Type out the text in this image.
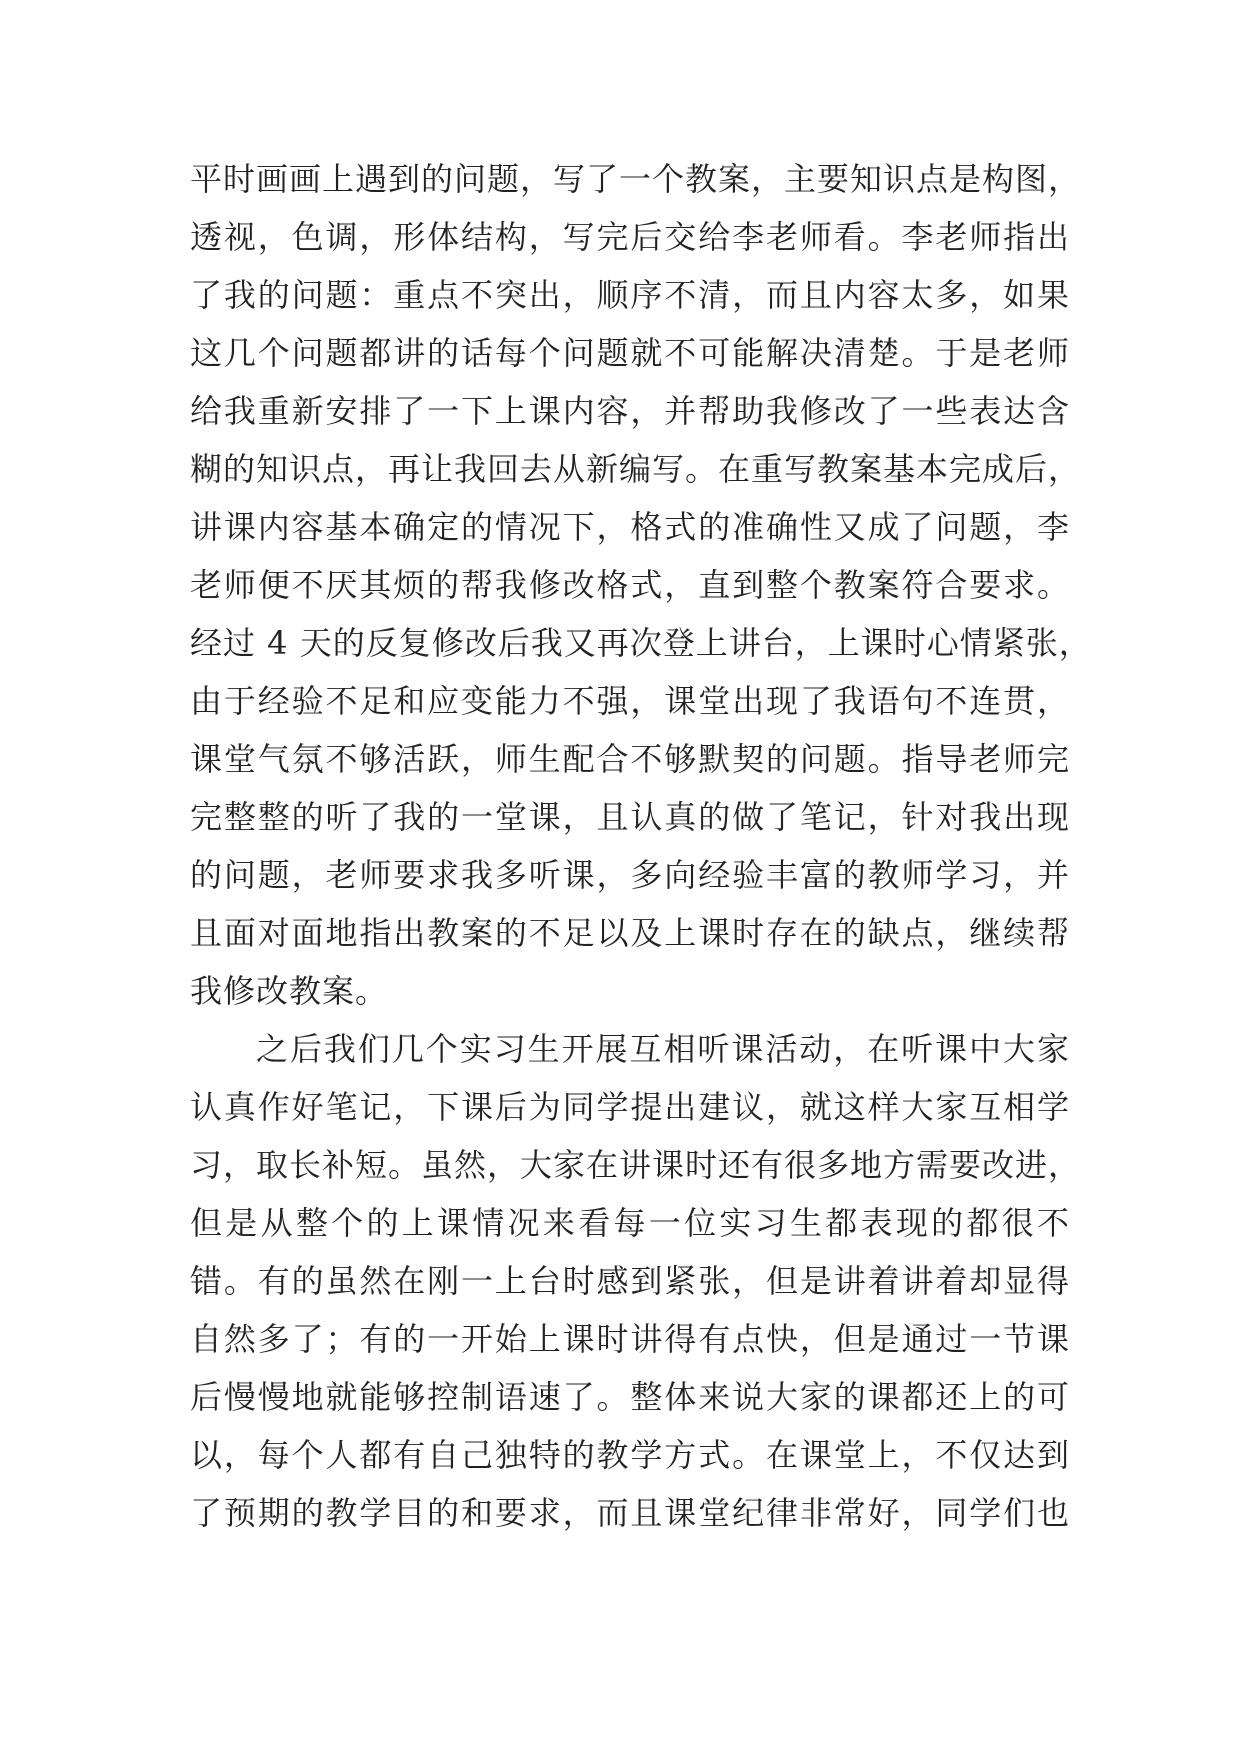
平时画画上遇到的问题，写了一个教案，主要知识点是构图，
透视，色调，形体结构，写完后交给李老师看。李老师指出
了我的问题：重点不突出，顺序不清，而且内容太多，如果
这几个问题都讲的话每个问题就不可能解决清楚。于是老师
给我重新安排了一下上课内容，并帮助我修改了一些表达含
糊的知识点，再让我回去从新编写。在重写教案基本完成后，
讲课内容基本确定的情况下，格式的准确性又成了问题，李
老师便不厌其烦的帮我修改格式，直到整个教案符合要求。
经过 4 天的反复修改后我又再次登上讲台，上课时心情紧张，
由于经验不足和应变能力不强，课堂出现了我语句不连贯，
课堂气氛不够活跃，师生配合不够默契的问题。指导老师完
完整整的听了我的一堂课，且认真的做了笔记，针对我出现
的问题，老师要求我多听课，多向经验丰富的教师学习，并
且面对面地指出教案的不足以及上课时存在的缺点，继续帮
我修改教案。
之后我们几个实习生开展互相听课活动，在听课中大家
认真作好笔记，下课后为同学提出建议，就这样大家互相学
习，取长补短。虽然，大家在讲课时还有很多地方需要改进，
但是从整个的上课情况来看每一位实习生都表现的都很不
错。有的虽然在刚一上台时感到紧张，但是讲着讲着却显得
自然多了；有的一开始上课时讲得有点快，但是通过一节课
后慢慢地就能够控制语速了。整体来说大家的课都还上的可
以，每个人都有自己独特的教学方式。在课堂上，不仅达到
了预期的教学目的和要求，而且课堂纪律非常好，同学们也
